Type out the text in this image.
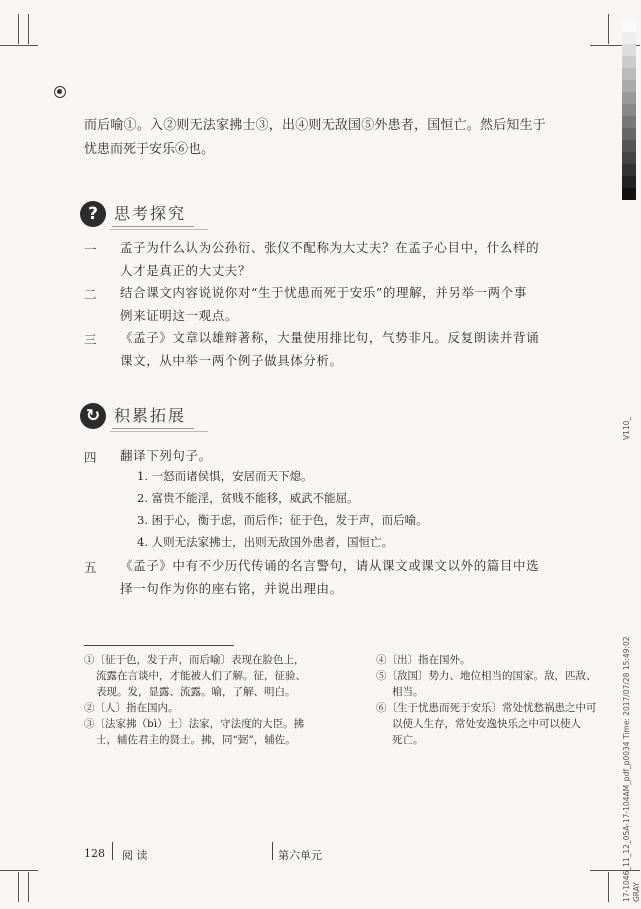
而后喻①。入②则无法家拂士③，出④则无敌国⑤外患者，国恒亡。然后知生于
忧患而死于安乐⑥也。
?	思考探究
一 孟子为什么认为公孙衍、张仪不配称为大丈夫？在孟子心目中，什么样的
人才是真正的大丈夫？
二 结合课文内容说说你对“生于忧患而死于安乐”的理解，并另举一两个事
例来证明这一观点。
三 《孟子》文章以雄辩著称，大量使用排比句，气势非凡。反复朗读并背诵
课文，从中举一两个例子做具体分析。
↻ 积累拓展
四 翻译下列句子。
1. 一怒而诸侯惧，安居而天下熄。
2. 富贵不能淫，贫贱不能移，威武不能屈。
3. 困于心，衡于虑，而后作；征于色，发于声，而后喻。
4. 人则无法家拂士，出则无敌国外患者，国恒亡。
五 《孟子》中有不少历代传诵的名言警句，请从课文或课文以外的篇目中选
择一句作为你的座右铭，并说出理由。
①〔征于色，发于声，而后喻〕表现在脸色上，
流露在言谈中，才能被人们了解。征，征验、
表现。发，显露、流露。喻，了解、明白。
②〔人〕指在国内。
③〔法家拂（bì）士〕法家，守法度的大臣。拂
士，辅佐君主的贤士。拂，同“弼”，辅佐。
④〔出〕指在国外。
⑤〔敌国〕势力、地位相当的国家。敌，匹敌、
相当。
⑥〔生于忧患而死于安乐〕常处忧愁祸患之中可
以使人生存，常处安逸快乐之中可以使人
死亡。
128 阅 读	第六单元
V110_
17-1046_11_12_05A-17-104AM_pdf_p0034 Time: 2017/07/28 15:49:02 GRAY
